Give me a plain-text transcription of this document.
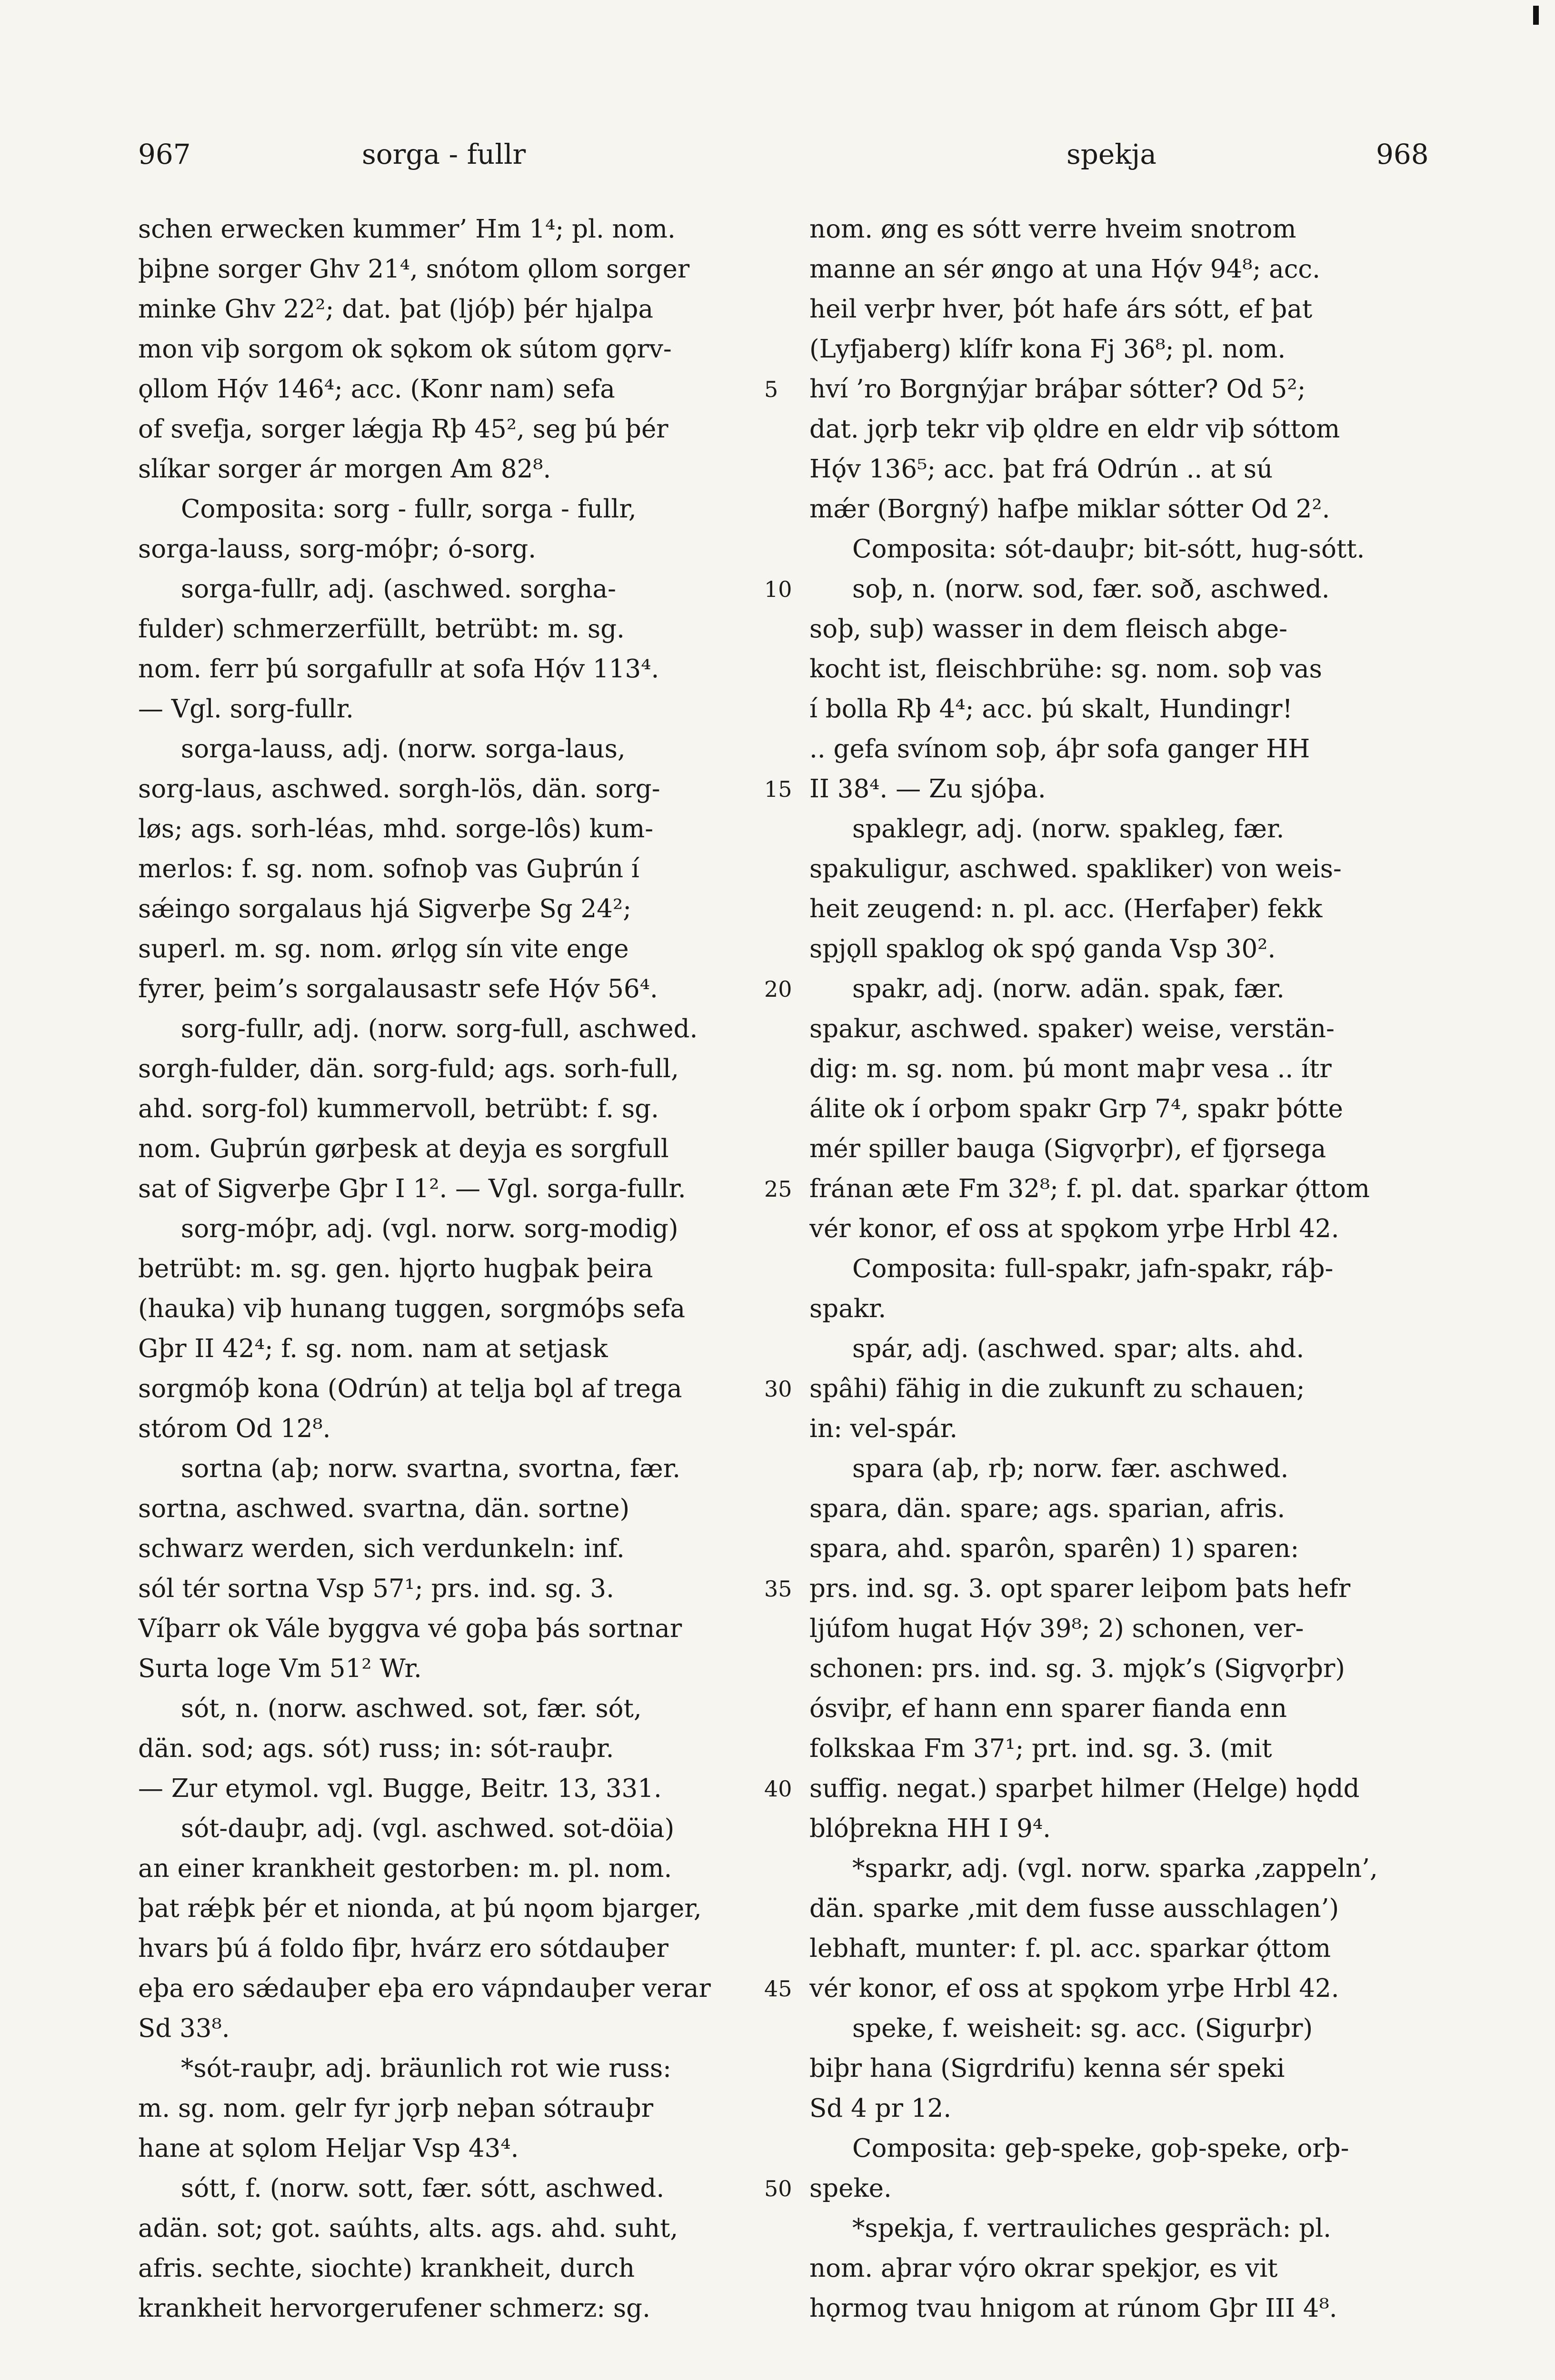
967	sorga - fullr	spekja	968
schen erwecken kummer’ Hm 1⁴; pl. nom.
þiþne sorger Ghv 21⁴, snótom ǫllom sorger
minke Ghv 22²; dat. þat (ljóþ) þér hjalpa
mon viþ sorgom ok sǫkom ok sútom gǫrv-
ǫllom Hǫ́v 146⁴; acc. (Konr nam) sefa
of svefja, sorger lǽgja Rþ 45², seg þú þér
slíkar sorger ár morgen Am 82⁸.
Composita: sorg - fullr, sorga - fullr,
sorga-lauss, sorg-móþr; ó-sorg.
sorga-fullr, adj. (aschwed. sorgha-
fulder) schmerzerfüllt, betrübt: m. sg.
nom. ferr þú sorgafullr at sofa Hǫ́v 113⁴.
— Vgl. sorg-fullr.
sorga-lauss, adj. (norw. sorga-laus,
sorg-laus, aschwed. sorgh-lös, dän. sorg-
løs; ags. sorh-léas, mhd. sorge-lôs) kum-
merlos: f. sg. nom. sofnoþ vas Guþrún í
sǽingo sorgalaus hjá Sigverþe Sg 24²;
superl. m. sg. nom. ørlǫg sín vite enge
fyrer, þeim’s sorgalausastr sefe Hǫ́v 56⁴.
sorg-fullr, adj. (norw. sorg-full, aschwed.
sorgh-fulder, dän. sorg-fuld; ags. sorh-full,
ahd. sorg-fol) kummervoll, betrübt: f. sg.
nom. Guþrún gørþesk at deyja es sorgfull
sat of Sigverþe Gþr I 1². — Vgl. sorga-fullr.
sorg-móþr, adj. (vgl. norw. sorg-modig)
betrübt: m. sg. gen. hjǫrto hugþak þeira
(hauka) viþ hunang tuggen, sorgmóþs sefa
Gþr II 42⁴; f. sg. nom. nam at setjask
sorgmóþ kona (Odrún) at telja bǫl af trega
stórom Od 12⁸.
sortna (aþ; norw. svartna, svortna, fær.
sortna, aschwed. svartna, dän. sortne)
schwarz werden, sich verdunkeln: inf.
sól tér sortna Vsp 57¹; prs. ind. sg. 3.
Víþarr ok Vále byggva vé goþa þás sortnar
Surta loge Vm 51² Wr.
sót, n. (norw. aschwed. sot, fær. sót,
dän. sod; ags. sót) russ; in: sót-rauþr.
— Zur etymol. vgl. Bugge, Beitr. 13, 331.
sót-dauþr, adj. (vgl. aschwed. sot-döia)
an einer krankheit gestorben: m. pl. nom.
þat rǽþk þér et nionda, at þú nǫom bjarger,
hvars þú á foldo fiþr, hvárz ero sótdauþer
eþa ero sǽdauþer eþa ero vápndauþer verar
Sd 33⁸.
*sót-rauþr, adj. bräunlich rot wie russ:
m. sg. nom. gelr fyr jǫrþ neþan sótrauþr
hane at sǫlom Heljar Vsp 43⁴.
sótt, f. (norw. sott, fær. sótt, aschwed.
adän. sot; got. saúhts, alts. ags. ahd. suht,
afris. sechte, siochte) krankheit, durch
krankheit hervorgerufener schmerz: sg.
5
10
15
20
25
30
35
40
45
50
nom. øng es sótt verre hveim snotrom
manne an sér øngo at una Hǫ́v 94⁸; acc.
heil verþr hver, þót hafe árs sótt, ef þat
(Lyfjaberg) klífr kona Fj 36⁸; pl. nom.
hví ’ro Borgnýjar bráþar sótter? Od 5²;
dat. jǫrþ tekr viþ ǫldre en eldr viþ sóttom
Hǫ́v 136⁵; acc. þat frá Odrún .. at sú
mǽr (Borgný) hafþe miklar sótter Od 2².
Composita: sót-dauþr; bit-sótt, hug-sótt.
soþ, n. (norw. sod, fær. soð, aschwed.
soþ, suþ) wasser in dem fleisch abge-
kocht ist, fleischbrühe: sg. nom. soþ vas
í bolla Rþ 4⁴; acc. þú skalt, Hundingr!
.. gefa svínom soþ, áþr sofa ganger HH
II 38⁴. — Zu sjóþa.
spaklegr, adj. (norw. spakleg, fær.
spakuligur, aschwed. spakliker) von weis-
heit zeugend: n. pl. acc. (Herfaþer) fekk
spjǫll spaklog ok spǫ́ ganda Vsp 30².
spakr, adj. (norw. adän. spak, fær.
spakur, aschwed. spaker) weise, verstän-
dig: m. sg. nom. þú mont maþr vesa .. ítr
álite ok í orþom spakr Grp 7⁴, spakr þótte
mér spiller bauga (Sigvǫrþr), ef fjǫrsega
fránan æte Fm 32⁸; f. pl. dat. sparkar ǫ́ttom
vér konor, ef oss at spǫkom yrþe Hrbl 42.
Composita: full-spakr, jafn-spakr, ráþ-
spakr.
spár, adj. (aschwed. spar; alts. ahd.
spâhi) fähig in die zukunft zu schauen;
in: vel-spár.
spara (aþ, rþ; norw. fær. aschwed.
spara, dän. spare; ags. sparian, afris.
spara, ahd. sparôn, sparên) 1) sparen:
prs. ind. sg. 3. opt sparer leiþom þats hefr
ljúfom hugat Hǫ́v 39⁸; 2) schonen, ver-
schonen: prs. ind. sg. 3. mjǫk’s (Sigvǫrþr)
ósviþr, ef hann enn sparer fianda enn
folkskaa Fm 37¹; prt. ind. sg. 3. (mit
suffig. negat.) sparþet hilmer (Helge) hǫdd
blóþrekna HH I 9⁴.
*sparkr, adj. (vgl. norw. sparka ‚zappeln’,
dän. sparke ‚mit dem fusse ausschlagen’)
lebhaft, munter: f. pl. acc. sparkar ǫ́ttom
vér konor, ef oss at spǫkom yrþe Hrbl 42.
speke, f. weisheit: sg. acc. (Sigurþr)
biþr hana (Sigrdrifu) kenna sér speki
Sd 4 pr 12.
Composita: geþ-speke, goþ-speke, orþ-
speke.
*spekja, f. vertrauliches gespräch: pl.
nom. aþrar vǫ́ro okrar spekjor, es vit
hǫrmog tvau hnigom at rúnom Gþr III 4⁸.
